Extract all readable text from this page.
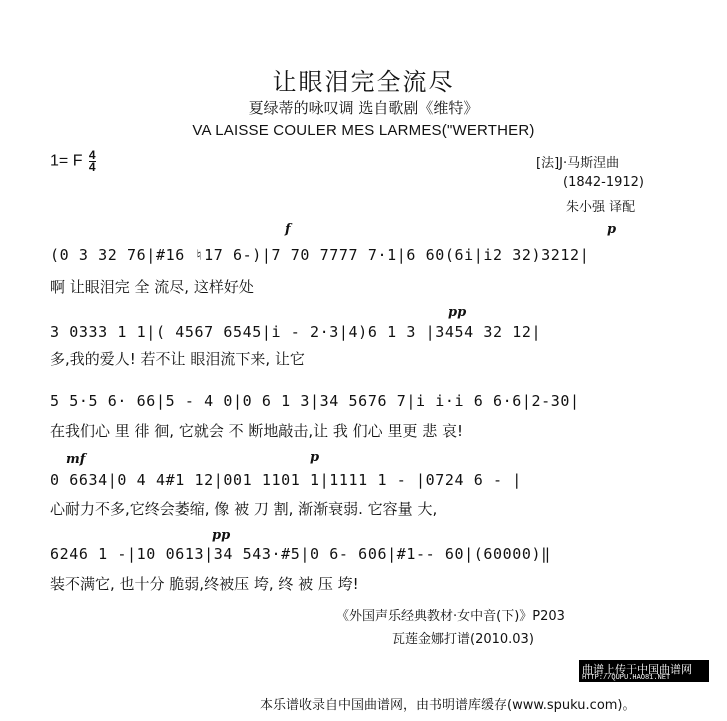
让眼泪完全流尽
夏绿蒂的咏叹调 选自歌剧《维特》
VA LAISSE COULER MES LARMES("WERTHER)
1= F $\frac{4}{4}$	[法]J·马斯涅曲
(1842-1912)
朱小强 译配
f	p
(0 3 32 76|#16 ♮17 6-)|7 70 7777 7·1|6 60(6i|i2 32)3212|
啊 让眼泪完 全 流尽, 这样好处
pp
3 0333 1 1|( 4567 6545|i - 2·3|4)6 1 3 |3454 32 12|
多,我的爱人! 若不让 眼泪流下来, 让它
5 5·5 6· 66|5 - 4 0|0 6 1 3|34 5676 7|i i·i 6 6·6|2-30|
在我们心 里 徘 徊, 它就会 不 断地敲击,让 我 们心 里更 悲 哀!
mf	p
0 6634|0 4 4#1 12|001 1101 1|1111 1 - |0724 6 - |
心耐力不多,它终会萎缩, 像 被 刀 割, 渐渐衰弱. 它容量 大,
pp
6246 1 -|10 0613|34 543·#5|0 6- 606|#1-- 60|(60000)‖
装不满它, 也十分 脆弱,终被压 垮, 终 被 压 垮!
《外国声乐经典教材·女中音(下)》P203
瓦莲金娜打谱(2010.03)
曲谱上传于中国曲谱网
HTTP://QUPU.HAO81.NET
本乐谱收录自中国曲谱网，由书明谱库缓存(www.spuku.com)。
